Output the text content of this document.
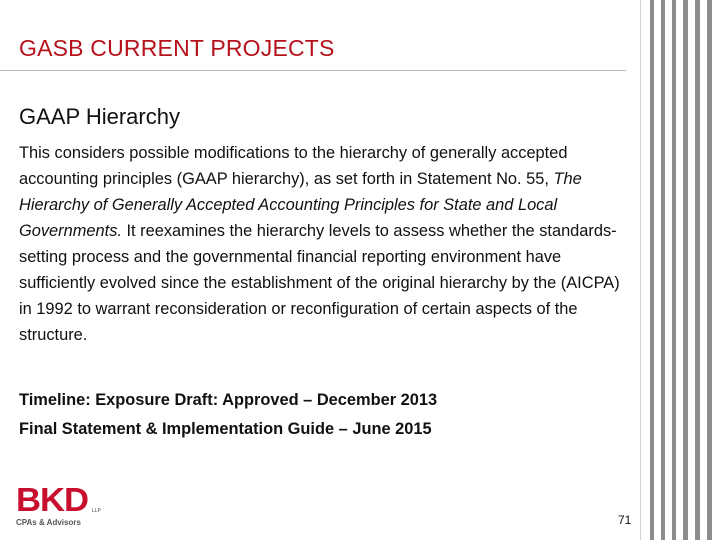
GASB CURRENT PROJECTS
GAAP Hierarchy
This considers possible modifications to the hierarchy of generally accepted accounting principles (GAAP hierarchy), as set forth in Statement No. 55, The Hierarchy of Generally Accepted Accounting Principles for State and Local Governments. It reexamines the hierarchy levels to assess whether the standards-setting process and the governmental financial reporting environment have sufficiently evolved since the establishment of the original hierarchy by the (AICPA) in 1992 to warrant reconsideration or reconfiguration of certain aspects of the structure.
Timeline: Exposure Draft: Approved – December 2013
Final Statement & Implementation Guide – June 2015
71
BKD LLP
CPAs & Advisors
